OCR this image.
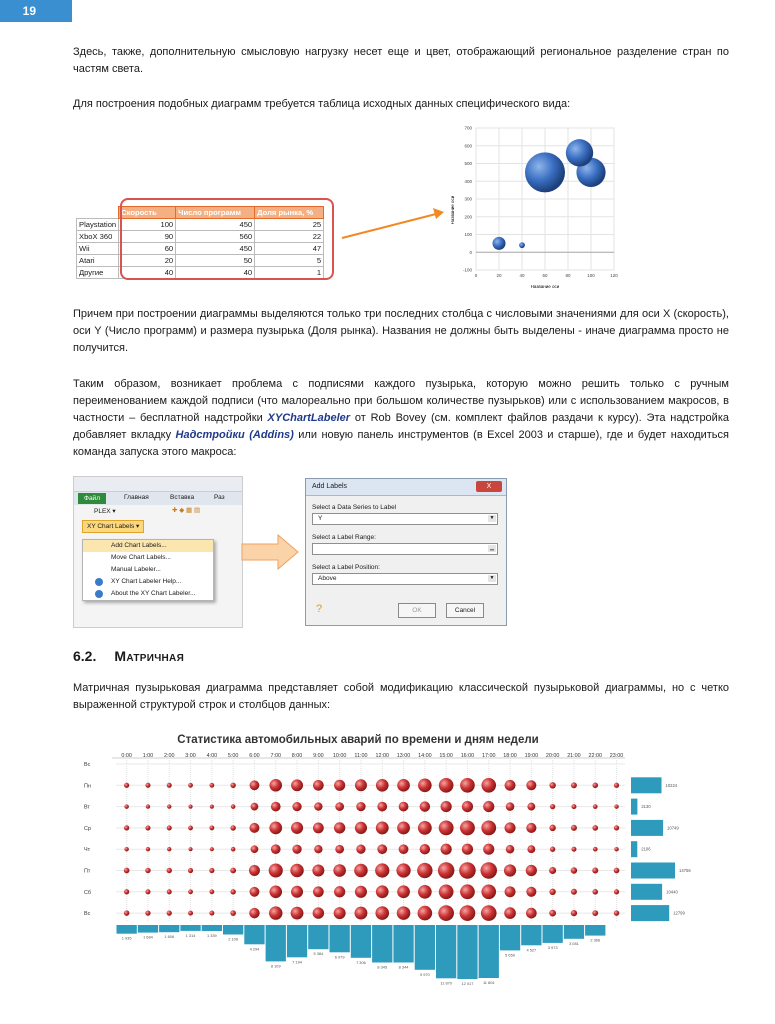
19
Здесь, также, дополнительную смысловую нагрузку несет еще и цвет, отображающий региональное разделение стран по частям света.
Для построения подобных диаграмм требуется таблица исходных данных специфического вида:
	Скорость	Число программ	Доля рынка, %
Playstation	100	450	25
XboX 360	90	560	22
Wii	60	450	47
Atari	20	50	5
Другие	40	40	1
700
600
500
400
300
200
100
0
-100
0	20	40	60	80	100	120
Название оси
Название оси
Причем при построении диаграммы выделяются только три последних столбца с числовыми значениями для оси X (скорость), оси Y (Число программ) и размера пузырька (Доля рынка). Названия не должны быть выделены - иначе диаграмма просто не получится.
Таким образом, возникает проблема с подписями каждого пузырька, которую можно решить только с ручным переименованием каждой подписи (что малореально при большом количестве пузырьков) или с использованием макросов, в частности – бесплатной надстройки XYChartLabeler от Rob Bovey (см. комплект файлов раздачи к курсу). Эта надстройка добавляет вкладку Надстройки (Addins) или новую панель инструментов (в Excel 2003 и старше), где и будет находиться команда запуска этого макроса:
Файл	Главная	Вставка	Раз
PLEX ▾	✚ ◆ ▦ ▤
XY Chart Labels ▾
Add Chart Labels...
Move Chart Labels...
Manual Labeler...
XY Chart Labeler Help...
About the XY Chart Labeler...
Add Labels	X
Select a Data Series to Label
Y	▼
Select a Label Range:
▁
Select a Label Position:
Above	▼
?	OK	Cancel
6.2. Матричная
Матричная пузырьковая диаграмма представляет собой модификацию классической пузырьковой диаграммы, но с четко выраженной структурой строк и столбцов данных:
Статистика автомобильных аварий по времени и дням недели
0:00 1:00 2:00 3:00 4:00 5:00 6:00 7:00 8:00 9:00 10:00 11:00 12:00 13:00 14:00 15:00 16:00 17:00 18:00 19:00 20:00 21:00 22:00 23:00
Вс
Пн
Вт
Ср
Чт
Пт
Сб
Вс
10224
2130
10749
2106
14756
10440
12799
1 935	1 684	1 606	1 314	1 339
2 106
4 294
8 109
7 194
5 384
6 079
7 306
8 345	8 344
9 970
11 870 12 017 11 804
5 659
4 527	3 973
3 081
2 366
